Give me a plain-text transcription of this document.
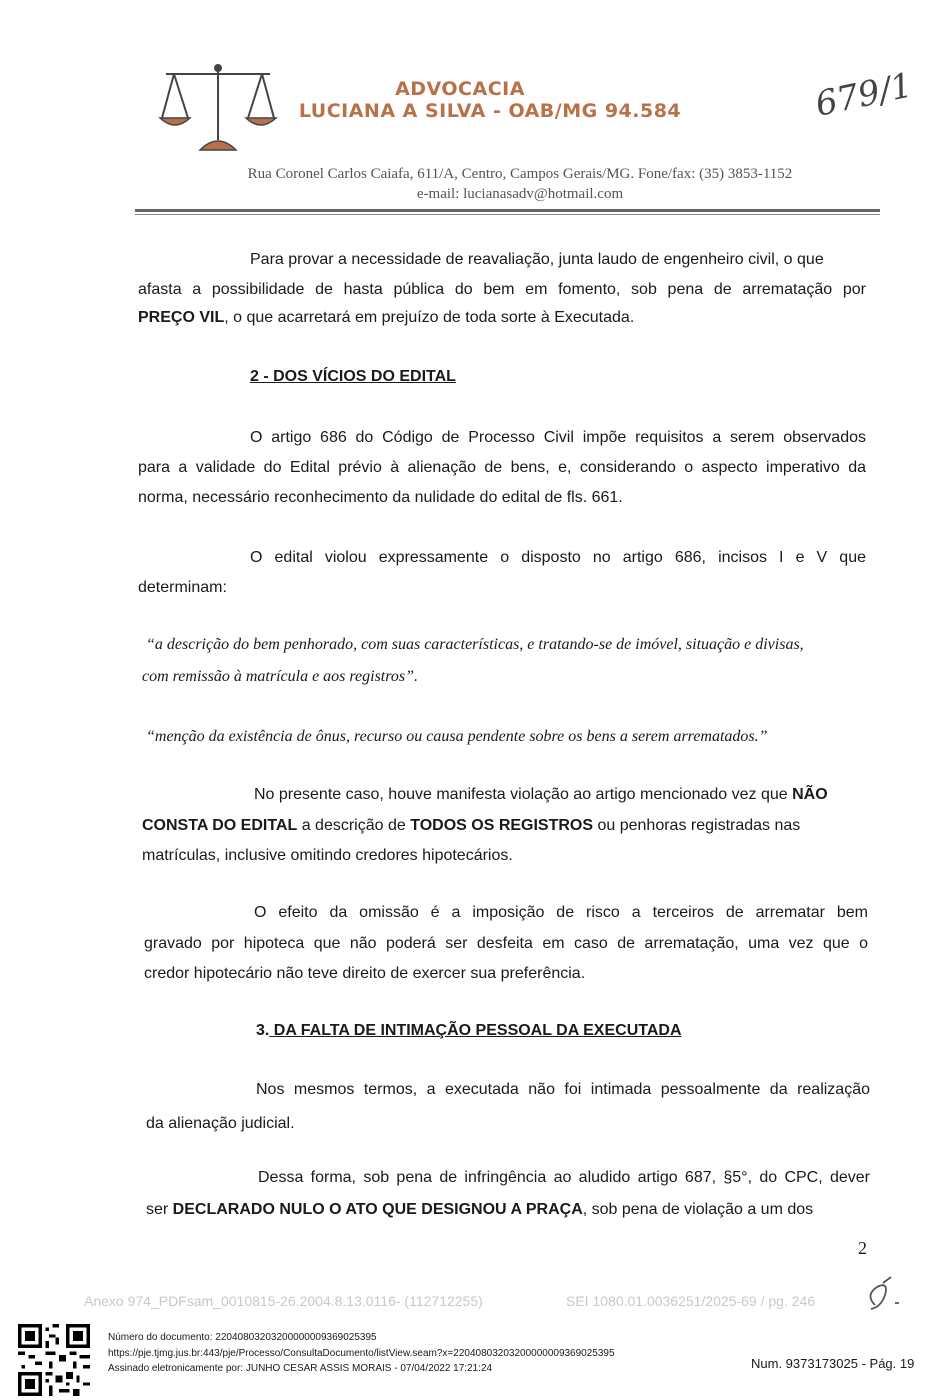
ADVOCACIA
LUCIANA A SILVA - OAB/MG 94.584	679/1
Rua Coronel Carlos Caiafa, 611/A, Centro, Campos Gerais/MG. Fone/fax: (35) 3853-1152
e-mail: lucianasadv@hotmail.com
Para provar a necessidade de reavaliação, junta laudo de engenheiro civil, o que
afasta a possibilidade de hasta pública do bem em fomento, sob pena de arrematação por
PREÇO VIL, o que acarretará em prejuízo de toda sorte à Executada.
2 - DOS VÍCIOS DO EDITAL
O artigo 686 do Código de Processo Civil impõe requisitos a serem observados
para a validade do Edital prévio à alienação de bens, e, considerando o aspecto imperativo da
norma, necessário reconhecimento da nulidade do edital de fls. 661.
O edital violou expressamente o disposto no artigo 686, incisos I e V que
determinam:
“a descrição do bem penhorado, com suas características, e tratando-se de imóvel, situação e divisas,
com remissão à matrícula e aos registros”.
“menção da existência de ônus, recurso ou causa pendente sobre os bens a serem arrematados.”
No presente caso, houve manifesta violação ao artigo mencionado vez que NÃO
CONSTA DO EDITAL a descrição de TODOS OS REGISTROS ou penhoras registradas nas
matrículas, inclusive omitindo credores hipotecários.
O efeito da omissão é a imposição de risco a terceiros de arrematar bem
gravado por hipoteca que não poderá ser desfeita em caso de arrematação, uma vez que o
credor hipotecário não teve direito de exercer sua preferência.
3. DA FALTA DE INTIMAÇÃO PESSOAL DA EXECUTADA
Nos mesmos termos, a executada não foi intimada pessoalmente da realização
da alienação judicial.
Dessa forma, sob pena de infringência ao aludido artigo 687, §5°, do CPC, dever
ser DECLARADO NULO O ATO QUE DESIGNOU A PRAÇA, sob pena de violação a um dos
2
Anexo 974_PDFsam_0010815-26.2004.8.13.0116- (112712255)	SEI 1080.01.0036251/2025-69 / pg. 246
Número do documento: 22040803203200000009369025395
https://pje.tjmg.jus.br:443/pje/Processo/ConsultaDocumento/listView.seam?x=22040803203200000009369025395
Assinado eletronicamente por: JUNHO CESAR ASSIS MORAIS - 07/04/2022 17:21:24	Num. 9373173025 - Pág. 19
